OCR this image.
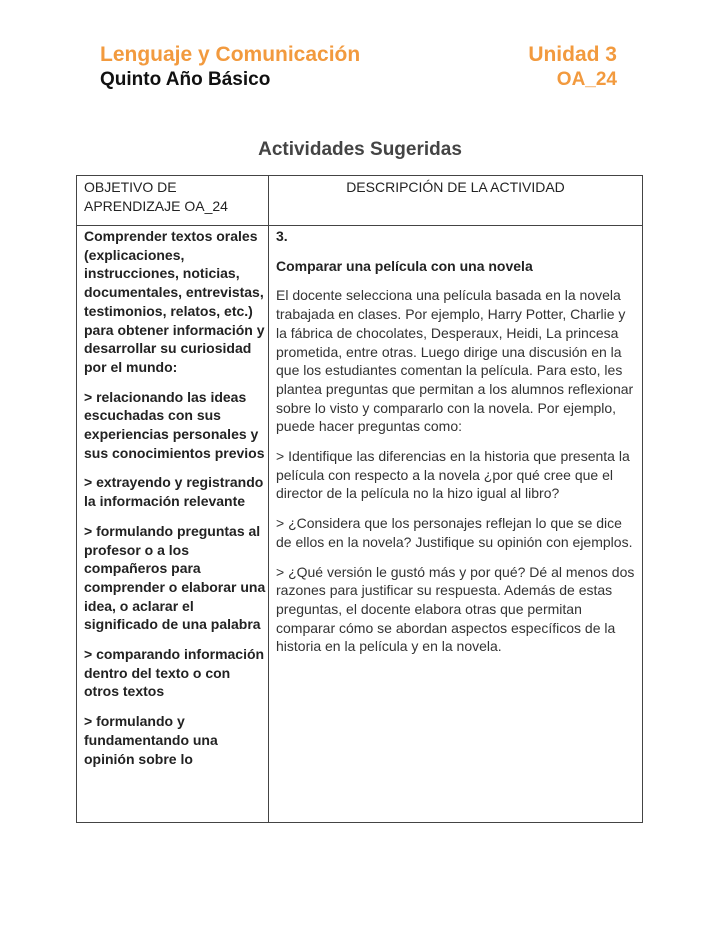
Lenguaje y Comunicación
Quinto Año Básico
Unidad 3
OA_24
Actividades Sugeridas
OBJETIVO DE APRENDIZAJE OA_24
DESCRIPCIÓN DE LA ACTIVIDAD

Comprender textos orales (explicaciones, instrucciones, noticias, documentales, entrevistas, testimonios, relatos, etc.) para obtener información y desarrollar su curiosidad por el mundo:

> relacionando las ideas escuchadas con sus experiencias personales y sus conocimientos previos

> extrayendo y registrando la información relevante

> formulando preguntas al profesor o a los compañeros para comprender o elaborar una idea, o aclarar el significado de una palabra

> comparando información dentro del texto o con otros textos

> formulando y fundamentando una opinión sobre lo

3.

Comparar una película con una novela

El docente selecciona una película basada en la novela trabajada en clases. Por ejemplo, Harry Potter, Charlie y la fábrica de chocolates, Desperaux, Heidi, La princesa prometida, entre otras. Luego dirige una discusión en la que los estudiantes comentan la película. Para esto, les plantea preguntas que permitan a los alumnos reflexionar sobre lo visto y compararlo con la novela. Por ejemplo, puede hacer preguntas como:

> Identifique las diferencias en la historia que presenta la película con respecto a la novela ¿por qué cree que el director de la película no la hizo igual al libro?

> ¿Considera que los personajes reflejan lo que se dice de ellos en la novela? Justifique su opinión con ejemplos.

> ¿Qué versión le gustó más y por qué? Dé al menos dos razones para justificar su respuesta. Además de estas preguntas, el docente elabora otras que permitan comparar cómo se abordan aspectos específicos de la historia en la película y en la novela.
